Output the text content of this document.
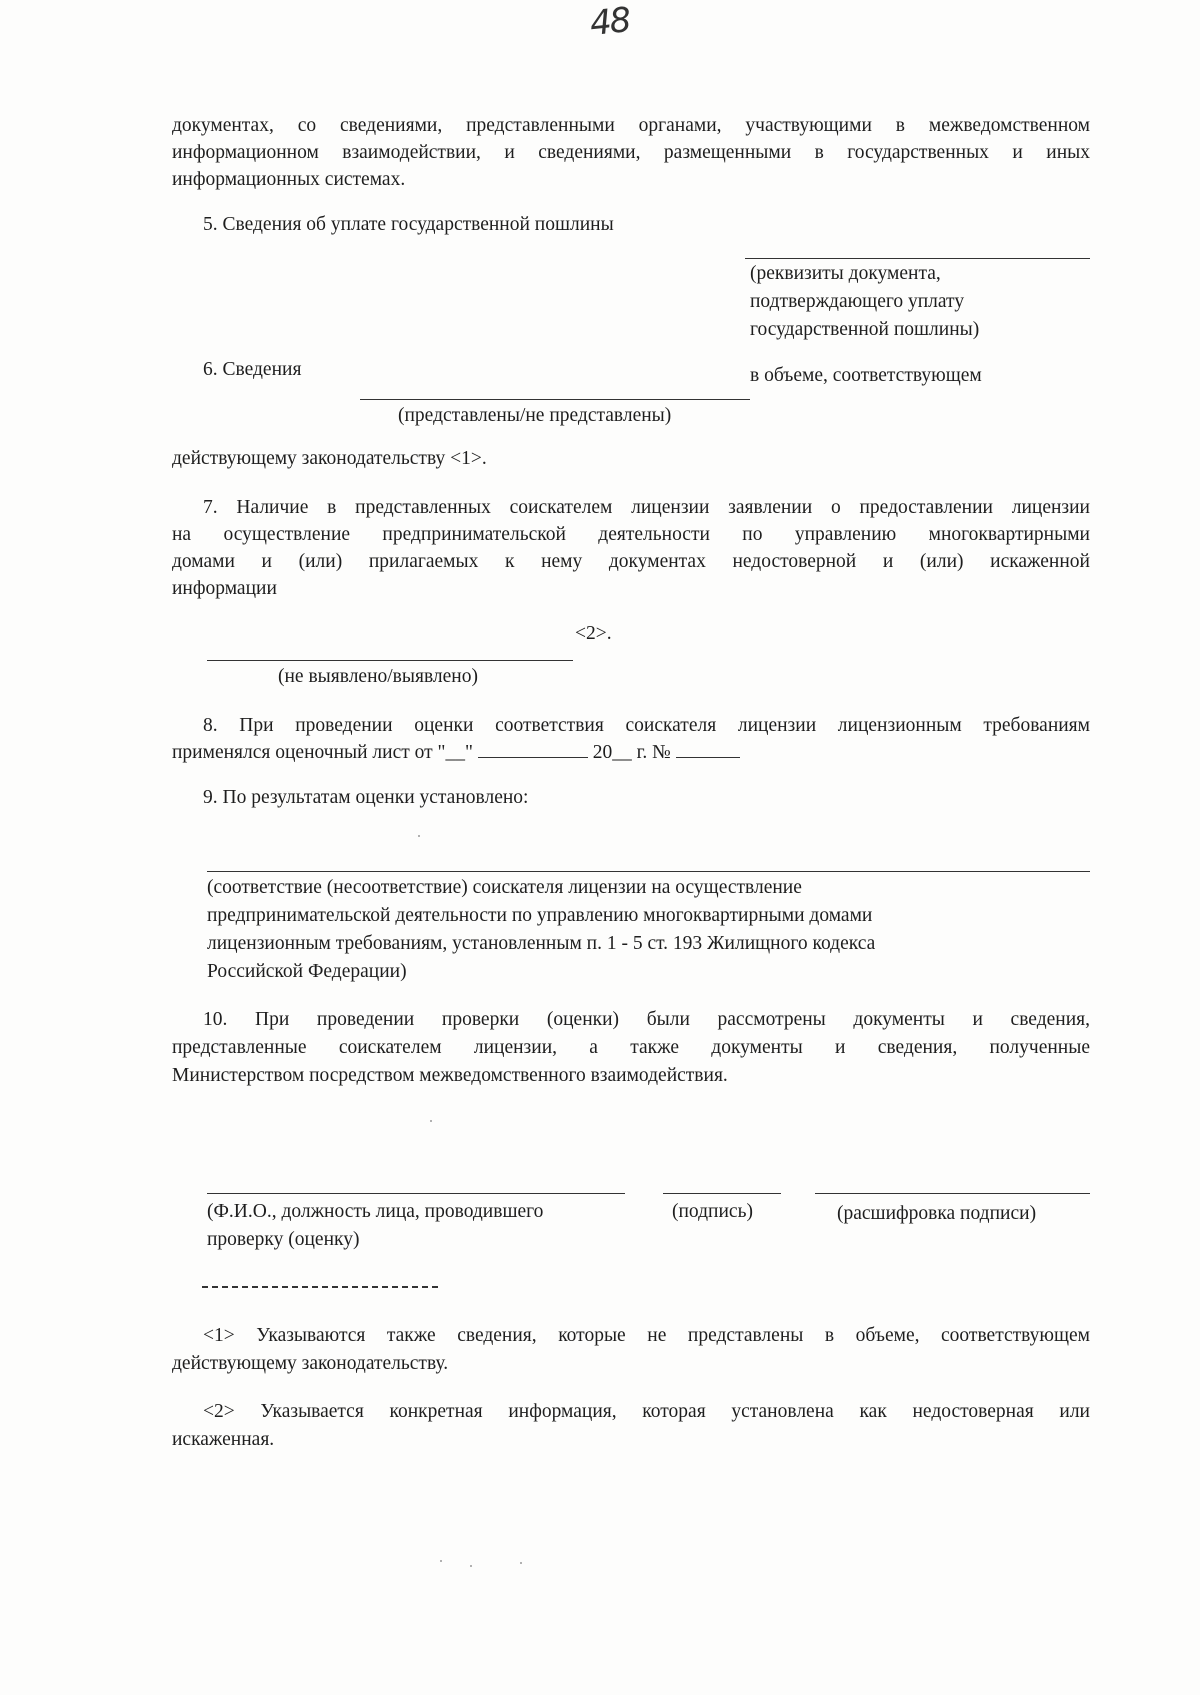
48
документах, со сведениями, представленными органами, участвующими в межведомственном
информационном взаимодействии, и сведениями, размещенными в государственных и иных
информационных системах.
5. Сведения об уплате государственной пошлины
(реквизиты документа,
подтверждающего уплату
государственной пошлины)
6. Сведения	в объеме, соответствующем
(представлены/не представлены)
действующему законодательству <1>.
7. Наличие в представленных соискателем лицензии заявлении о предоставлении лицензии
на осуществление предпринимательской деятельности по управлению многоквартирными
домами и (или) прилагаемых к нему документах недостоверной и (или) искаженной
информации
<2>.
(не выявлено/выявлено)
8. При проведении оценки соответствия соискателя лицензии лицензионным требованиям
применялся оценочный лист от "__"	20__ г. №
9. По результатам оценки установлено:
(соответствие (несоответствие) соискателя лицензии на осуществление
предпринимательской деятельности по управлению многоквартирными домами
лицензионным требованиям, установленным п. 1 - 5 ст. 193 Жилищного кодекса
Российской Федерации)
10. При проведении проверки (оценки) были рассмотрены документы и сведения,
представленные соискателем лицензии, а также документы и сведения, полученные
Министерством посредством межведомственного взаимодействия.
(Ф.И.О., должность лица, проводившего
проверку (оценку)
(подпись)	(расшифровка подписи)
<1> Указываются также сведения, которые не представлены в объеме, соответствующем
действующему законодательству.
<2> Указывается конкретная информация, которая установлена как недостоверная или
искаженная.
